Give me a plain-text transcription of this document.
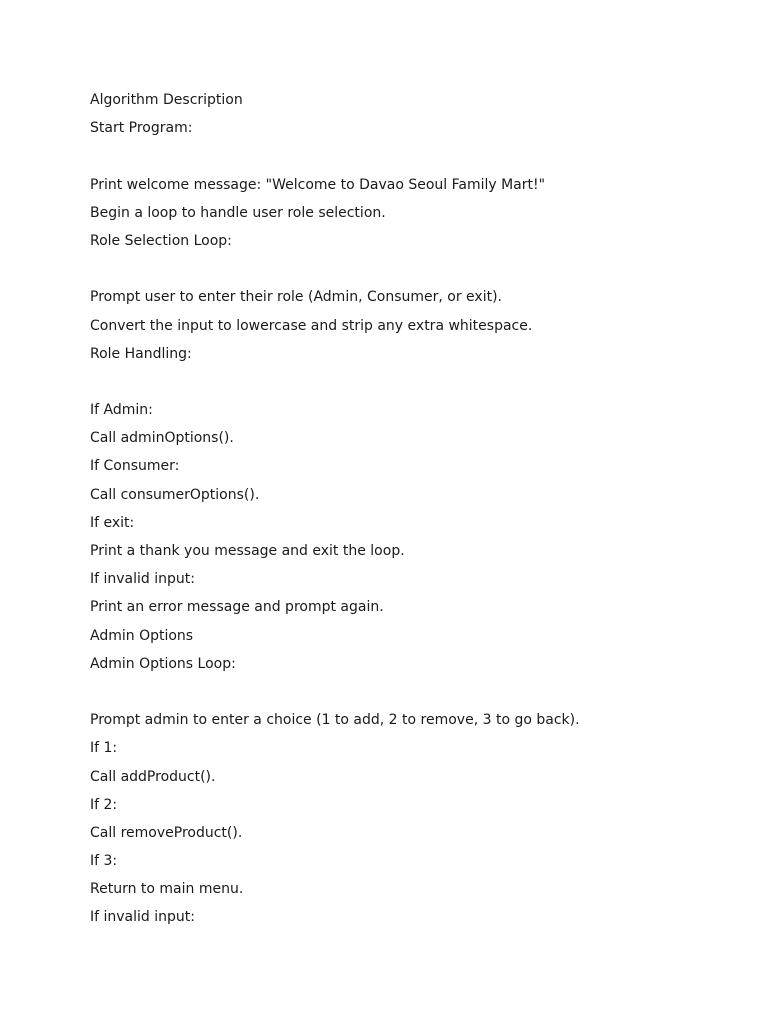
Algorithm Description
Start Program:
Print welcome message: "Welcome to Davao Seoul Family Mart!"
Begin a loop to handle user role selection.
Role Selection Loop:
Prompt user to enter their role (Admin, Consumer, or exit).
Convert the input to lowercase and strip any extra whitespace.
Role Handling:
If Admin:
Call adminOptions().
If Consumer:
Call consumerOptions().
If exit:
Print a thank you message and exit the loop.
If invalid input:
Print an error message and prompt again.
Admin Options
Admin Options Loop:
Prompt admin to enter a choice (1 to add, 2 to remove, 3 to go back).
If 1:
Call addProduct().
If 2:
Call removeProduct().
If 3:
Return to main menu.
If invalid input:
